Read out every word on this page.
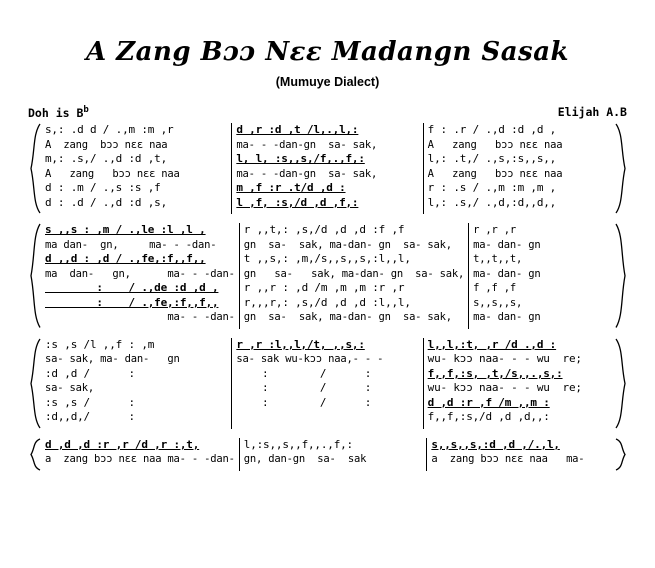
A Zang Bɔɔ Nɛɛ Madangn Sasak
(Mumuye Dialect)
Doh is $B^b$	Elijah A.B
s,: .d d / .,m :m ,r
A  zang  bɔɔ nɛɛ naa
m,: .s,/ .,d :d ,t,
A   zang   bɔɔ nɛɛ naa
d : .m / .,s :s ,f
d : .d / .,d :d ,s,
d ,r :d ,t /l,.,l,:
ma- - -dan-gn  sa- sak,
l, l, :s,,s,/f,.,f,:
ma- - -dan-gn  sa- sak,
m ,f :r .t/d ,d :
l ,f, :s,/d ,d ,f,:
f : .r / .,d :d ,d ,
A   zang   bɔɔ nɛɛ naa
l,: .t,/ .,s,:s,,s,,
A   zang   bɔɔ nɛɛ naa
r : .s / .,m :m ,m ,
l,: .s,/ .,d,:d,,d,,
s ,,s : ,m / .,le :l ,l ,
ma dan-  gn,     ma- - -dan-
d ,,d : ,d / .,fe,:f,,f,,
ma  dan-   gn,      ma- - -dan-
:    / .,de :d ,d ,
:    / .,fe,:f,,f,,
ma- - -dan-
r ,,t,: ,s,/d ,d ,d :f ,f
gn  sa-  sak, ma-dan- gn  sa- sak,
t ,,s,: ,m,/s,,s,,s,:l,,l,
gn   sa-   sak, ma-dan- gn  sa- sak,
r ,,r : ,d /m ,m ,m :r ,r
r,,,r,: ,s,/d ,d ,d :l,,l,
gn  sa-  sak, ma-dan- gn  sa- sak,
r ,r ,r
ma- dan- gn
t,,t,,t,
ma- dan- gn
f ,f ,f
s,,s,,s,
ma- dan- gn
:s ,s /l ,,f : ,m
sa- sak, ma- dan-   gn
:d ,d /      :
sa- sak,
:s ,s /      :
:d,,d,/      :
r ,r :l,,l,/t, ,,s,:
sa- sak wu-kɔɔ naa,- - -
:        /      :
:        /      :
:        /      :
l,,l,:t, ,r /d .,d :
wu- kɔɔ naa- - - wu  re;
f,,f,:s, ,t,/s,,.,s,:
wu- kɔɔ naa- - - wu  re;
d ,d :r ,f /m ,,m :
f,,f,:s,/d ,d ,d,,:
d ,d ,d :r ,r /d ,r :,t,
a  zang bɔɔ nɛɛ naa ma- - -dan-
l,:s,,s,,f,,.,f,:
gn, dan-gn  sa-  sak
s,,s,,s,:d ,d ,/.,l,
a  zang bɔɔ nɛɛ naa   ma-
